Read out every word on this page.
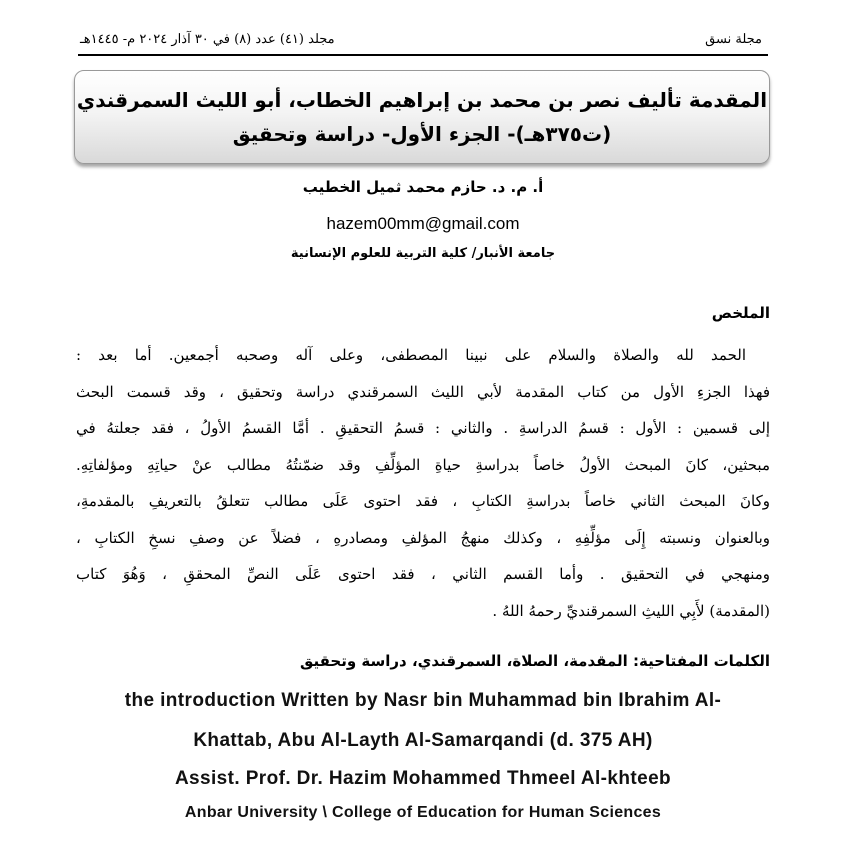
مجلة نسق
مجلد (٤١) عدد (٨) في ٣٠ آذار ٢٠٢٤ م- ١٤٤٥هـ
المقدمة تأليف نصر بن محمد بن إبراهيم الخطاب، أبو الليث السمرقندي
(ت٣٧٥هـ)- الجزء الأول- دراسة وتحقيق
أ. م. د. حازم محمد ثميل الخطيب
hazem00mm@gmail.com
جامعة الأنبار/ كلية التربية للعلوم الإنسانية
الملخص
الحمد لله والصلاة والسلام على نبينا المصطفى، وعلى آله وصحبه أجمعين. أما بعد :
فهذا الجزءِ الأول من كتاب المقدمة لأبي الليث السمرقندي دراسة وتحقيق ، وقد قسمت البحث
إلى قسمين : الأول : قسمُ الدراسةِ . والثاني : قسمُ التحقيقِ . أمَّا القسمُ الأولُ ، فقد جعلتهُ في
مبحثين، كانَ المبحث الأولُ خاصاً بدراسةِ حياةِ المؤلِّفِ وقد ضمّنتُهُ مطالب عنْ حياتِهِ ومؤلفاتِهِ.
وكانَ المبحث الثاني خاصاً بدراسةِ الكتابِ ، فقد احتوى عَلَى مطالب تتعلقُ بالتعريفِ بالمقدمةِ،
وبالعنوان ونسبته إِلَى مؤلِّفِهِ ، وكذلك منهجُ المؤلفِ ومصادرهِ ، فضلاً عن وصفِ نسخِ الكتابِ ،
ومنهجي في التحقيق . وأما القسم الثاني ، فقد احتوى عَلَى النصِّ المحققِ ، وَهُوَ كتاب
(المقدمة) لأَبِي الليثِ السمرقنديِّ رحمهُ اللهُ .
الكلمات المفتاحية: المقدمة، الصلاة، السمرقندي، دراسة وتحقيق
the introduction Written by Nasr bin Muhammad bin Ibrahim Al-
Khattab, Abu Al-Layth Al-Samarqandi (d. 375 AH)
Assist. Prof. Dr. Hazim Mohammed Thmeel Al-khteeb
Anbar University \ College of Education for Human Sciences
